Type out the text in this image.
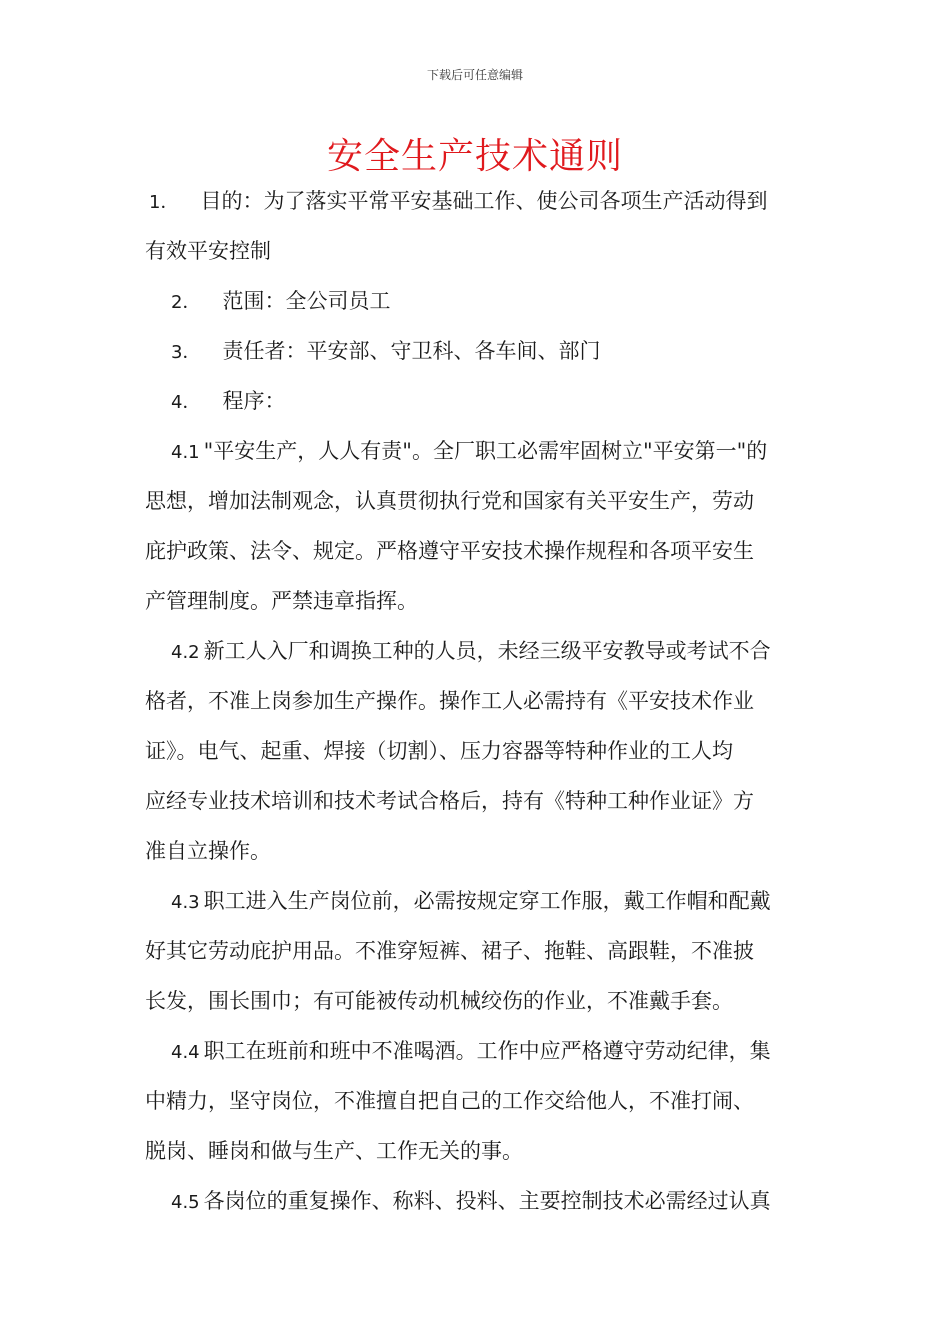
下载后可任意编辑
安全生产技术通则

1． 目的：为了落实平常平安基础工作、使公司各项生产活动得到
有效平安控制

2． 范围：全公司员工

3． 责任者：平安部、守卫科、各车间、部门

4． 程序：

4.1 "平安生产，人人有责"。全厂职工必需牢固树立"平安第一"的
思想，增加法制观念，认真贯彻执行党和国家有关平安生产，劳动
庇护政策、法令、规定。严格遵守平安技术操作规程和各项平安生
产管理制度。严禁违章指挥。

4.2 新工人入厂和调换工种的人员，未经三级平安教导或考试不合
格者，不准上岗参加生产操作。操作工人必需持有《平安技术作业
证》。电气、起重、焊接（切割）、压力容器等特种作业的工人均
应经专业技术培训和技术考试合格后，持有《特种工种作业证》方
准自立操作。

4.3 职工进入生产岗位前，必需按规定穿工作服，戴工作帽和配戴
好其它劳动庇护用品。不准穿短裤、裙子、拖鞋、高跟鞋，不准披
长发，围长围巾；有可能被传动机械绞伤的作业，不准戴手套。

4.4 职工在班前和班中不准喝酒。工作中应严格遵守劳动纪律，集
中精力，坚守岗位，不准擅自把自己的工作交给他人，不准打闹、
脱岗、睡岗和做与生产、工作无关的事。

4.5 各岗位的重复操作、称料、投料、主要控制技术必需经过认真
